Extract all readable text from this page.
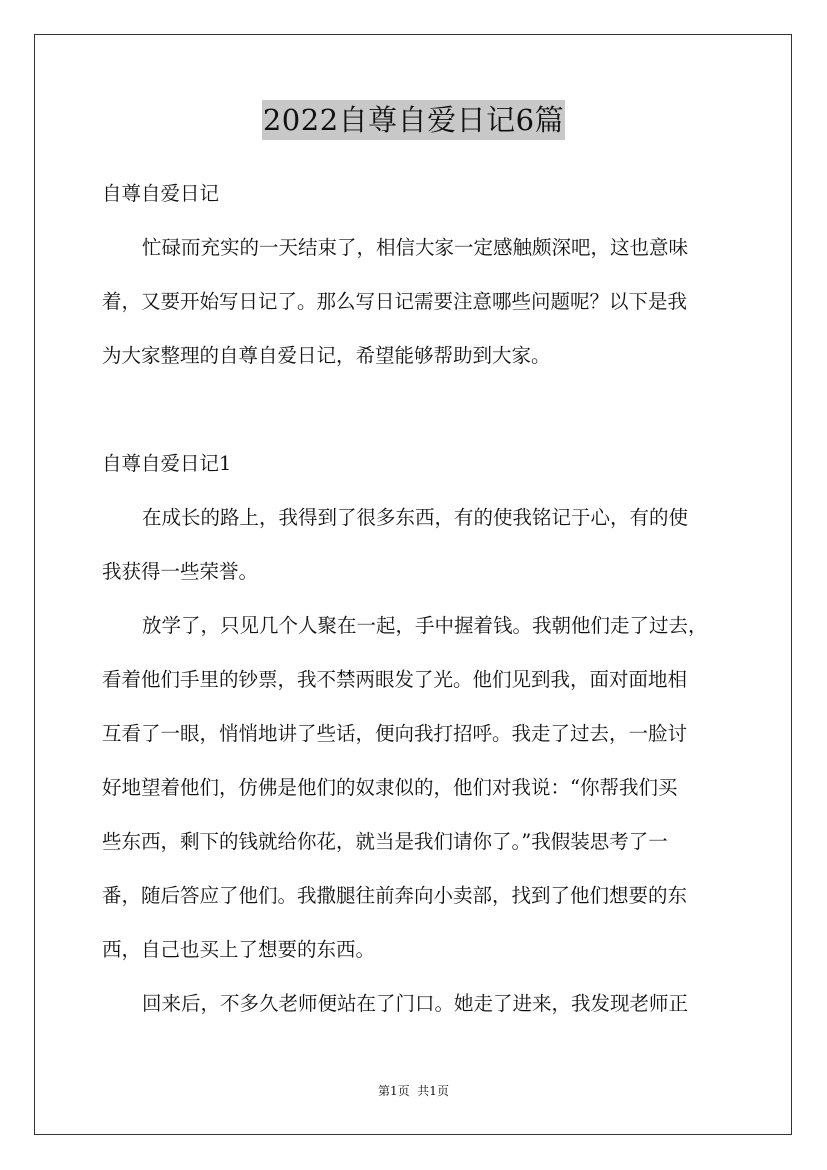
2022自尊自爱日记6篇

自尊自爱日记

忙碌而充实的一天结束了，相信大家一定感触颇深吧，这也意味

着，又要开始写日记了。那么写日记需要注意哪些问题呢？以下是我

为大家整理的自尊自爱日记，希望能够帮助到大家。

自尊自爱日记1

在成长的路上，我得到了很多东西，有的使我铭记于心，有的使

我获得一些荣誉。

放学了，只见几个人聚在一起，手中握着钱。我朝他们走了过去，

看着他们手里的钞票，我不禁两眼发了光。他们见到我，面对面地相

互看了一眼，悄悄地讲了些话，便向我打招呼。我走了过去，一脸讨

好地望着他们，仿佛是他们的奴隶似的，他们对我说：“你帮我们买

些东西，剩下的钱就给你花，就当是我们请你了。”我假装思考了一

番，随后答应了他们。我撒腿往前奔向小卖部，找到了他们想要的东

西，自己也买上了想要的东西。

回来后，不多久老师便站在了门口。她走了进来，我发现老师正

第1页  共1页
